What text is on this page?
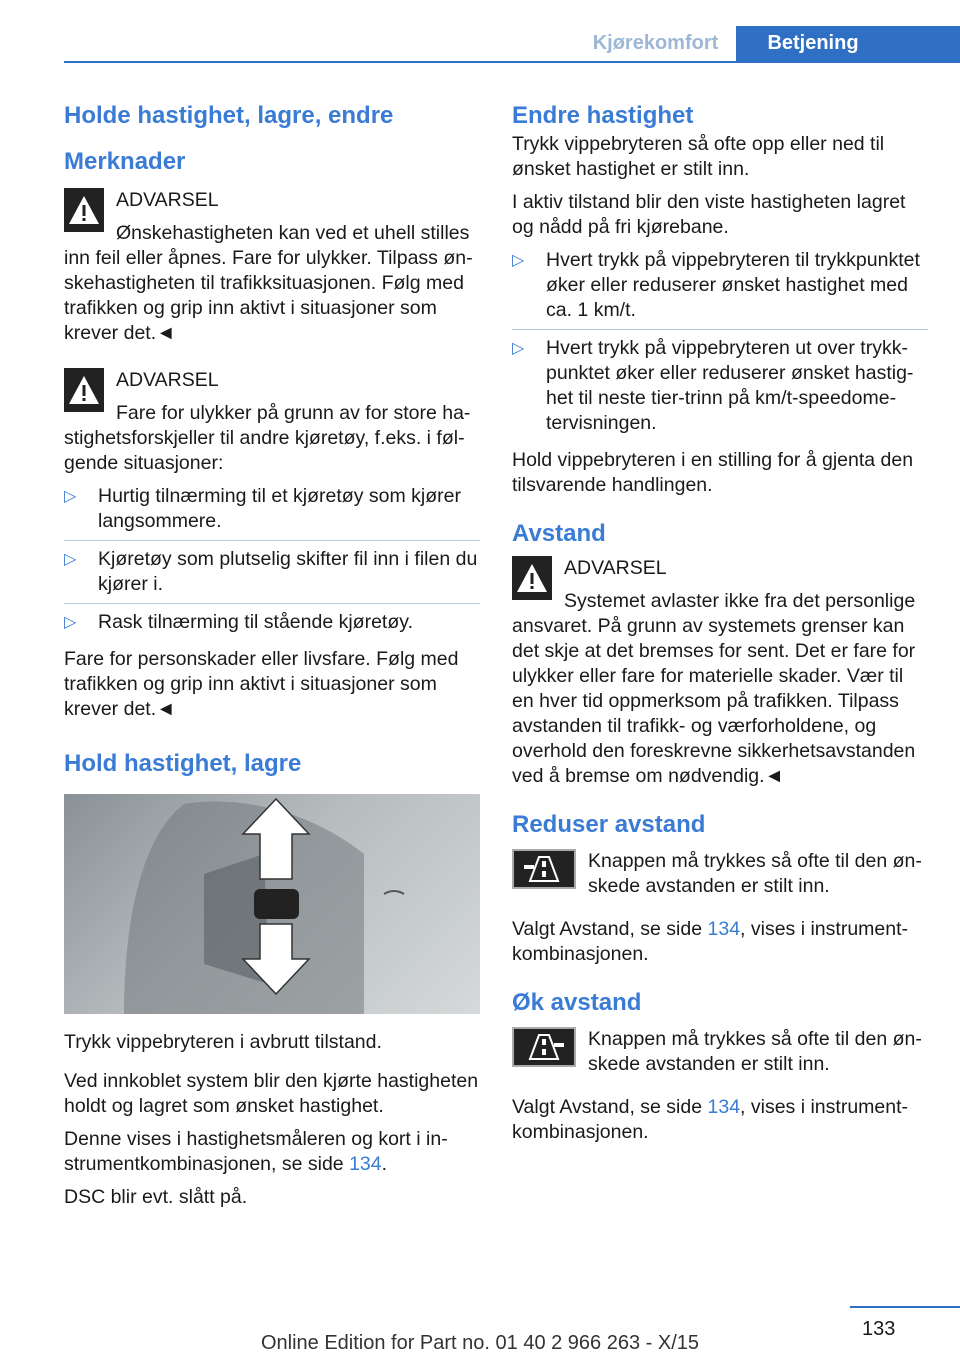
Kjørekomfort	Betjening
Holde hastighet, lagre, endre
Merknader
ADVARSEL

Ønskehastigheten kan ved et uhell stilles inn feil eller åpnes. Fare for ulykker. Tilpass ønskehastigheten til trafikksituasjonen. Følg med trafikken og grip inn aktivt i situasjoner som krever det.◄

ADVARSEL

Fare for ulykker på grunn av for store hastighetsforskjeller til andre kjøretøy, f.eks. i følgende situasjoner:

▷ Hurtig tilnærming til et kjøretøy som kjører langsommere.
▷ Kjøretøy som plutselig skifter fil inn i filen du kjører i.
▷ Rask tilnærming til stående kjøretøy.

Fare for personskader eller livsfare. Følg med trafikken og grip inn aktivt i situasjoner som krever det.◄

Hold hastighet, lagre

Trykk vippebryteren i avbrutt tilstand.

Ved innkoblet system blir den kjørte hastigheten holdt og lagret som ønsket hastighet.

Denne vises i hastighetsmåleren og kort i instrumentkombinasjonen, se side 134.

DSC blir evt. slått på.

Endre hastighet

Trykk vippebryteren så ofte opp eller ned til ønsket hastighet er stilt inn.

I aktiv tilstand blir den viste hastigheten lagret og nådd på fri kjørebane.

▷ Hvert trykk på vippebryteren til trykkpunktet øker eller reduserer ønsket hastighet med ca. 1 km/t.
▷ Hvert trykk på vippebryteren ut over trykkpunktet øker eller reduserer ønsket hastighet til neste tier-trinn på km/t-speedometervisningen.

Hold vippebryteren i en stilling for å gjenta den tilsvarende handlingen.

Avstand
ADVARSEL

Systemet avlaster ikke fra det personlige ansvaret. På grunn av systemets grenser kan det skje at det bremses for sent. Det er fare for ulykker eller fare for materielle skader. Vær til en hver tid oppmerksom på trafikken. Tilpass avstanden til trafikk- og værforholdene, og overhold den foreskrevne sikkerhetsavstanden ved å bremse om nødvendig.◄

Reduser avstand

Knappen må trykkes så ofte til den ønskede avstanden er stilt inn.

Valgt Avstand, se side 134, vises i instrumentkombinasjonen.

Øk avstand

Knappen må trykkes så ofte til den ønskede avstanden er stilt inn.

Valgt Avstand, se side 134, vises i instrumentkombinasjonen.

133
Online Edition for Part no. 01 40 2 966 263 - X/15
